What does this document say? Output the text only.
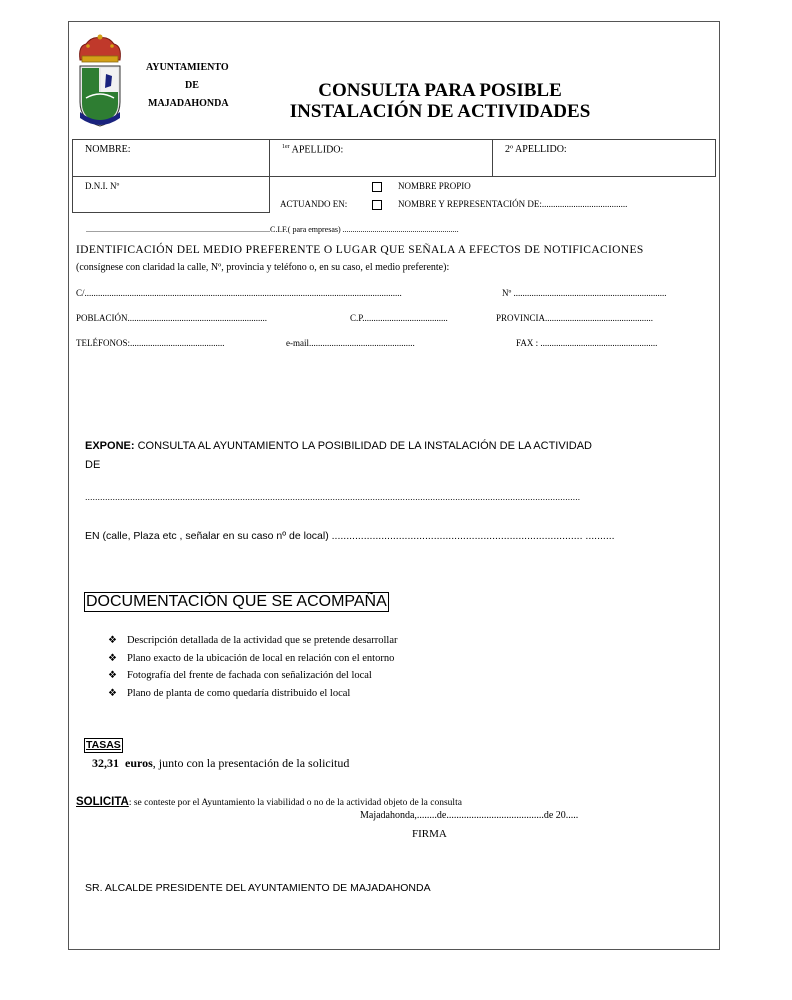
AYUNTAMIENTO
DE
MAJADAHONDA
CONSULTA PARA POSIBLE
INSTALACIÓN DE ACTIVIDADES
NOMBRE:	$^{1er}$ APELLIDO:	2º APELLIDO:
D.N.I. Nº	NOMBRE PROPIO
ACTUANDO EN:	NOMBRE Y REPRESENTACIÓN DE:......................................
............................................................................................C.I.F.( para empresas) ..........................................................
IDENTIFICACIÓN DEL MEDIO PREFERENTE O LUGAR QUE SEÑALA A EFECTOS DE NOTIFICACIONES
(consígnese con claridad la calle, Nº, provincia y teléfono o, en su caso, el medio preferente):
C/.............................................................................................................................................	Nº ....................................................................
POBLACIÓN..............................................................	C.P......................................	PROVINCIA................................................
TELÉFONOS:..........................................	e-mail...............................................	FAX : ....................................................
EXPONE: CONSULTA AL AYUNTAMIENTO LA POSIBILIDAD DE LA INSTALACIÓN DE LA ACTIVIDAD
DE
......................................................................................................................................................................................................
EN (calle, Plaza etc , señalar en su caso nº de local) ...................................................................................... ..........
DOCUMENTACIÓN QUE SE ACOMPAÑA
❖ Descripción detallada de la actividad que se pretende desarrollar
❖ Plano exacto de la ubicación de local en relación con el entorno
❖ Fotografía del frente de fachada con señalización del local
❖ Plano de planta de como quedaría distribuido el local
TASAS
32,31 euros, junto con la presentación de la solicitud
SOLICITA: se conteste por el Ayuntamiento la viabilidad o no de la actividad objeto de la consulta
Majadahonda,........de.......................................de 20.....
FIRMA
SR. ALCALDE PRESIDENTE DEL AYUNTAMIENTO DE MAJADAHONDA
